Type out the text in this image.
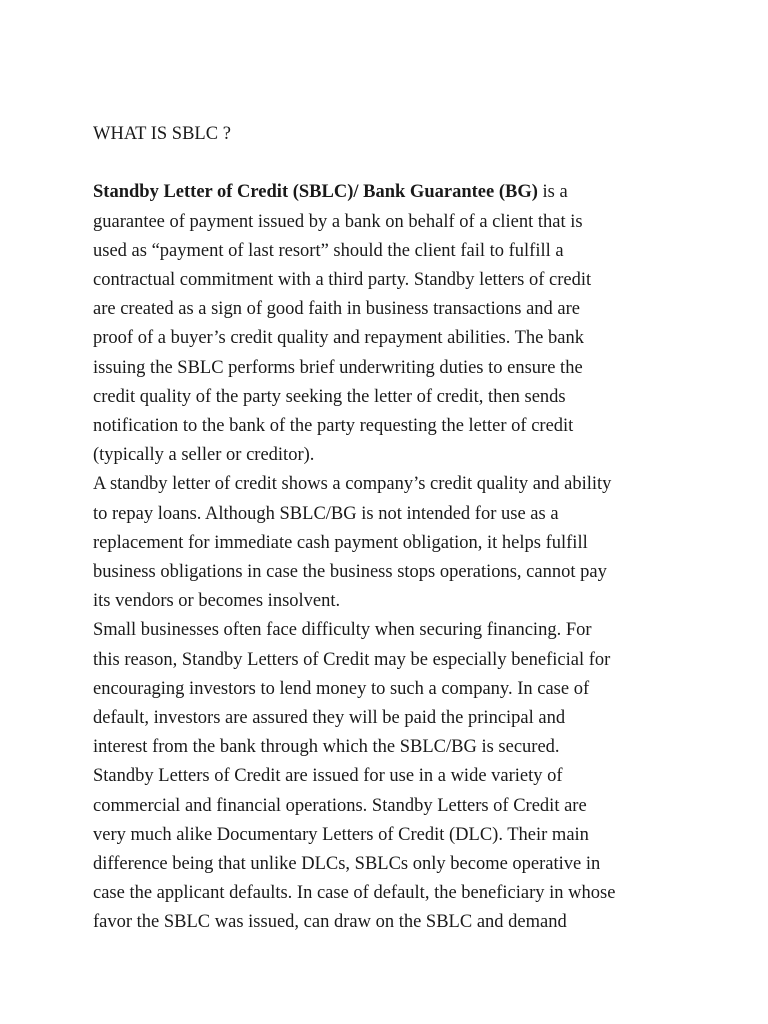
WHAT IS SBLC ?

Standby Letter of Credit (SBLC)/ Bank Guarantee (BG) is a
guarantee of payment issued by a bank on behalf of a client that is
used as “payment of last resort” should the client fail to fulfill a
contractual commitment with a third party. Standby letters of credit
are created as a sign of good faith in business transactions and are
proof of a buyer’s credit quality and repayment abilities. The bank
issuing the SBLC performs brief underwriting duties to ensure the
credit quality of the party seeking the letter of credit, then sends
notification to the bank of the party requesting the letter of credit
(typically a seller or creditor).

A standby letter of credit shows a company’s credit quality and ability
to repay loans. Although SBLC/BG is not intended for use as a
replacement for immediate cash payment obligation, it helps fulfill
business obligations in case the business stops operations, cannot pay
its vendors or becomes insolvent.

Small businesses often face difficulty when securing financing. For
this reason, Standby Letters of Credit may be especially beneficial for
encouraging investors to lend money to such a company. In case of
default, investors are assured they will be paid the principal and
interest from the bank through which the SBLC/BG is secured.

Standby Letters of Credit are issued for use in a wide variety of
commercial and financial operations. Standby Letters of Credit are
very much alike Documentary Letters of Credit (DLC). Their main
difference being that unlike DLCs, SBLCs only become operative in
case the applicant defaults. In case of default, the beneficiary in whose
favor the SBLC was issued, can draw on the SBLC and demand
